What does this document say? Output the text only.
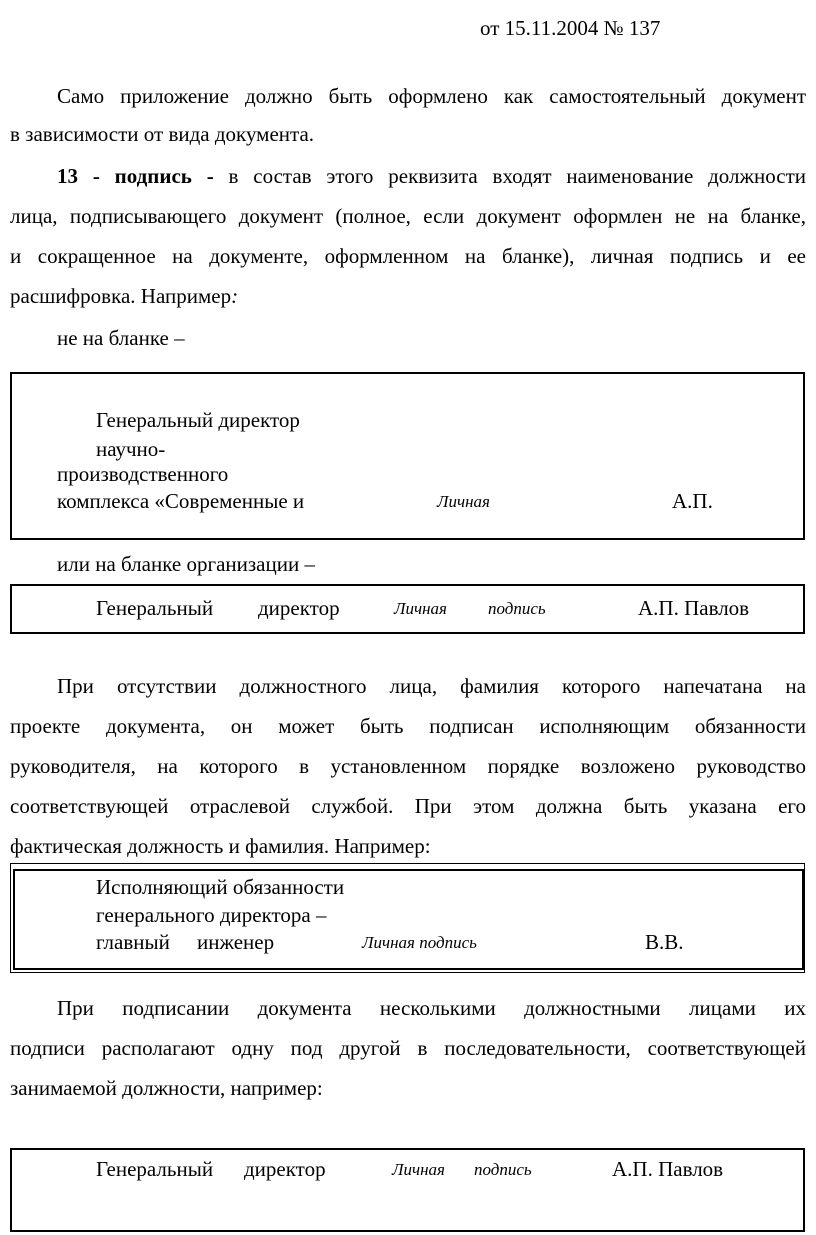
от 15.11.2004 № 137
Само приложение должно быть оформлено как самостоятельный документ
в зависимости от вида документа.
13 - подпись - в состав этого реквизита входят наименование должности
лица, подписывающего документ (полное, если документ оформлен не на бланке,
и сокращенное на документе, оформленном на бланке), личная подпись и ее
расшифровка. Например:
не на бланке –
Генеральный директор
научно-
производственного
комплекса «Современные и	Личная	А.П.
или на бланке организации –
Генеральный директор	Личная подпись	А.П. Павлов
При отсутствии должностного лица, фамилия которого напечатана на
проекте документа, он может быть подписан исполняющим обязанности
руководителя, на которого в установленном порядке возложено руководство
соответствующей отраслевой службой. При этом должна быть указана его
фактическая должность и фамилия. Например:
Исполняющий обязанности
генерального директора –
главный инженер	Личная подпись	В.В.
При подписании документа несколькими должностными лицами их
подписи располагают одну под другой в последовательности, соответствующей
занимаемой должности, например:
Генеральный директор	Личная подпись	А.П. Павлов
